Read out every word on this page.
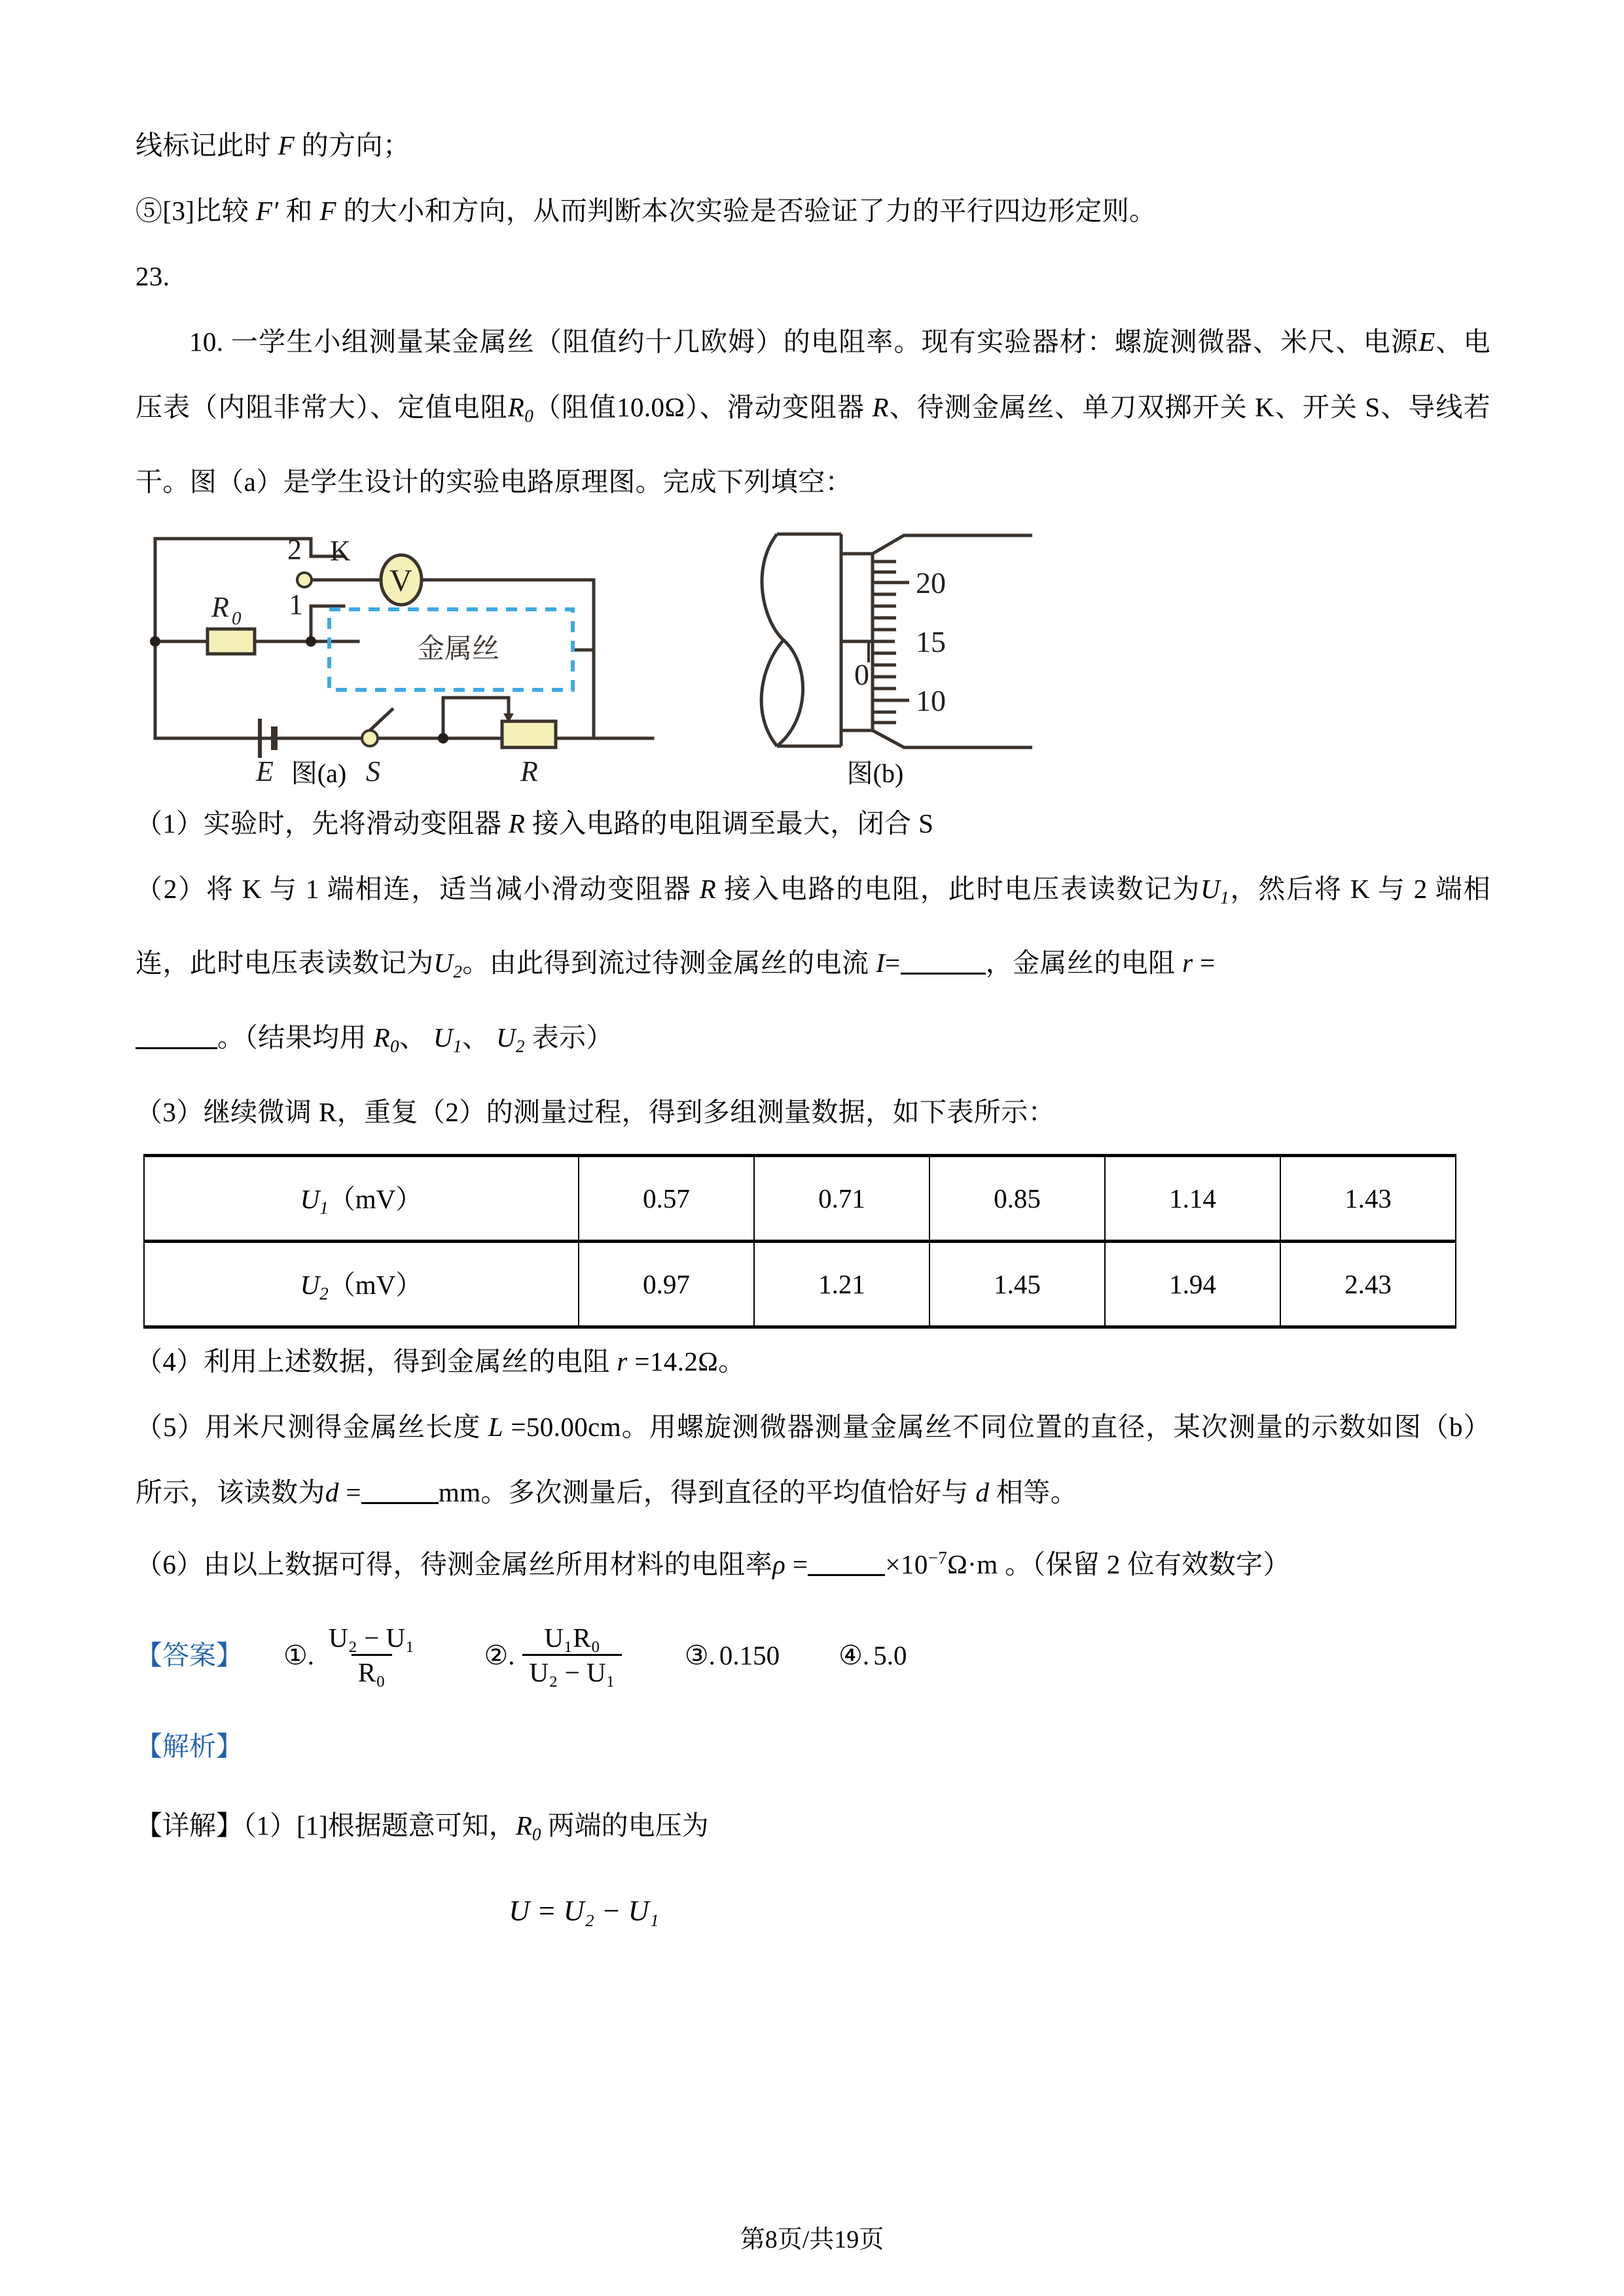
线标记此时 F 的方向；
⑤[3]比较 F′ 和 F 的大小和方向，从而判断本次实验是否验证了力的平行四边形定则。
23.
10. 一学生小组测量某金属丝（阻值约十几欧姆）的电阻率。现有实验器材：螺旋测微器、米尺、电源E、电压表（内阻非常大）、定值电阻$R_0$（阻值10.0Ω）、滑动变阻器 R、待测金属丝、单刀双掷开关 K、开关 S、导线若干。图（a）是学生设计的实验电路原理图。完成下列填空：
R 0
2
1
K
V
金属丝
E	S	R
20
15
10
0
图(a)	图(b)
（1）实验时，先将滑动变阻器 R 接入电路的电阻调至最大，闭合 S
（2）将 K 与 1 端相连，适当减小滑动变阻器 R 接入电路的电阻，此时电压表读数记为$U_1$，然后将 K 与 2 端相连，此时电压表读数记为$U_2$。由此得到流过待测金属丝的电流 I=	，金属丝的电阻 r =
。（结果均用 $R_0$、 $U_1$、 $U_2$ 表示）
（3）继续微调 R，重复（2）的测量过程，得到多组测量数据，如下表所示：
$U_1(mV)$	0.57	0.71	0.85	1.14	1.43
$U_2(mV)$	0.97	1.21	1.45	1.94	2.43
（4）利用上述数据，得到金属丝的电阻 r =14.2Ω。
（5）用米尺测得金属丝长度 L =50.00cm。用螺旋测微器测量金属丝不同位置的直径，某次测量的示数如图（b）所示，该读数为d =	mm。多次测量后，得到直径的平均值恰好与 d 相等。
（6）由以上数据可得，待测金属丝所用材料的电阻率ρ =	$\times 10^{-7}\Omega\cdot m$ 。（保留 2 位有效数字）
【答案】 ①. $\frac{\text{U₂ − U₁}}{\text{R₀}}$ ②. $\frac{\text{U₁R₀}}{\text{U₂ − U₁}}$ ③. 0.150 ④. 5.0
【解析】
【详解】（1）[1]根据题意可知，$R_0$ 两端的电压为
U = U₂ − U₁
第8页/共19页
